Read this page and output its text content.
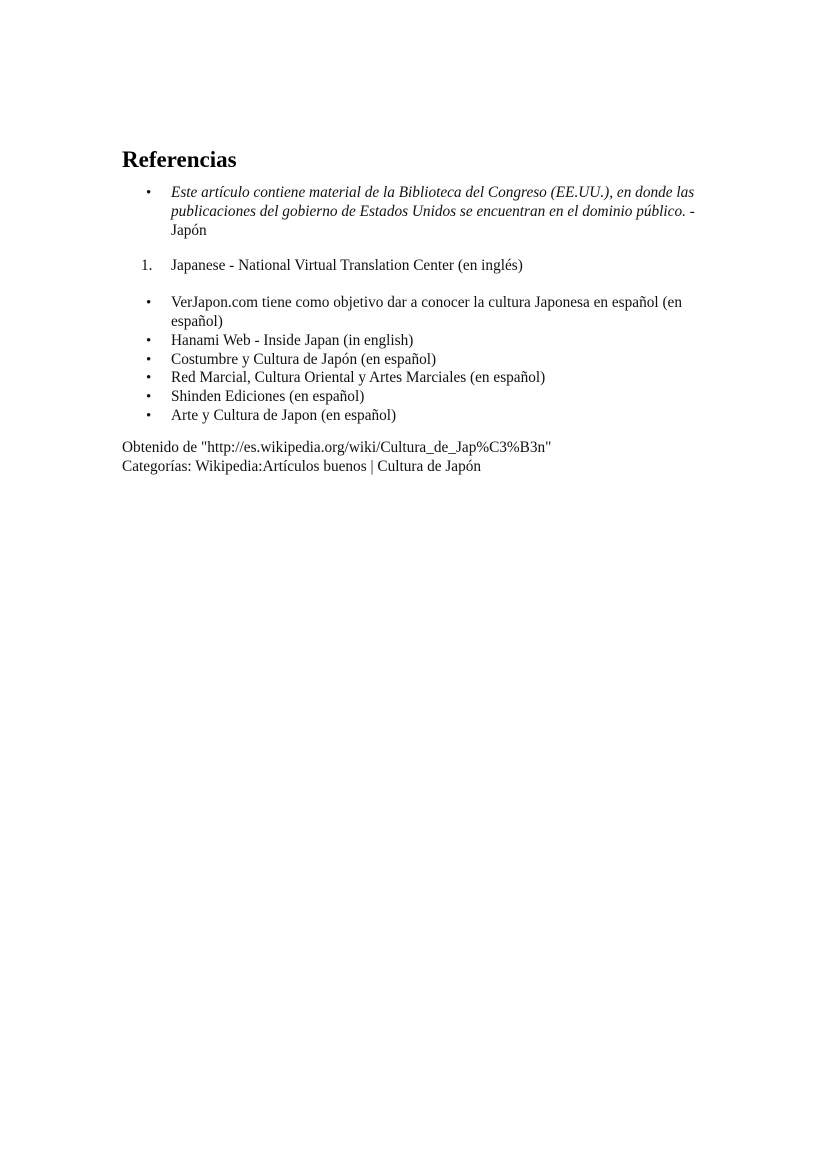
Referencias
•	Este artículo contiene material de la Biblioteca del Congreso (EE.UU.), en donde las publicaciones del gobierno de Estados Unidos se encuentran en el dominio público. - Japón
1.	Japanese - National Virtual Translation Center (en inglés)
•	VerJapon.com tiene como objetivo dar a conocer la cultura Japonesa en español (en español)
•	Hanami Web - Inside Japan (in english)
•	Costumbre y Cultura de Japón (en español)
•	Red Marcial, Cultura Oriental y Artes Marciales (en español)
•	Shinden Ediciones (en español)
•	Arte y Cultura de Japon (en español)
Obtenido de "http://es.wikipedia.org/wiki/Cultura_de_Jap%C3%B3n"
Categorías: Wikipedia:Artículos buenos | Cultura de Japón
